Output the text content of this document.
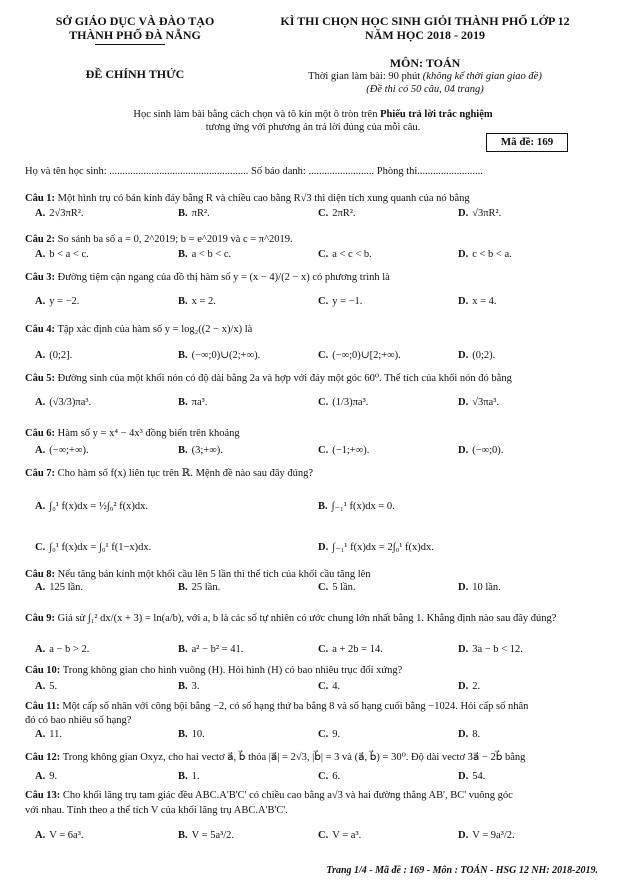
SỞ GIÁO DỤC VÀ ĐÀO TẠO
THÀNH PHỐ ĐÀ NẴNG
ĐỀ CHÍNH THỨC
KÌ THI CHỌN HỌC SINH GIỎI THÀNH PHỐ LỚP 12
NĂM HỌC 2018 - 2019
MÔN: TOÁN
Thời gian làm bài: 90 phút (không kể thời gian giao đề)
(Đề thi có 50 câu, 04 trang)
Học sinh làm bài bằng cách chọn và tô kín một ô tròn trên Phiếu trả lời trắc nghiệm
tương ứng với phương án trả lời đúng của mỗi câu.
Mã đề: 169
Họ và tên học sinh: ..................................................... Số báo danh: ......................... Phòng thi.........................
Câu 1: Một hình trụ có bán kính đáy bằng R và chiều cao bằng R√3 thì diện tích xung quanh của nó bằng
A. 2√3πR².	B. πR².	C. 2πR².	D. √3πR².
Câu 2: So sánh ba số a = 0, 2^2019; b = e^2019 và c = π^2019.
A. b < a < c.	B. a < b < c.	C. a < c < b.	D. c < b < a.
Câu 3: Đường tiệm cận ngang của đồ thị hàm số y = (x − 4)/(2 − x) có phương trình là
A. y = −2.	B. x = 2.	C. y = −1.	D. x = 4.
Câu 4: Tập xác định của hàm số y = log₂((2 − x)/x) là
A. (0;2].	B. (−∞;0)∪(2;+∞).	C. (−∞;0)∪[2;+∞).	D. (0;2).
Câu 5: Đường sinh của một khối nón có độ dài bằng 2a và hợp với đáy một góc 60⁰. Thể tích của khối nón đó bằng
A. (√3/3)πa³.	B. πa³.	C. (1/3)πa³.	D. √3πa³.
Câu 6: Hàm số y = x⁴ − 4x³ đồng biến trên khoảng
A. (−∞;+∞).	B. (3;+∞).	C. (−1;+∞).	D. (−∞;0).
Câu 7: Cho hàm số f(x) liên tục trên ℝ. Mệnh đề nào sau đây đúng?
A. ∫₀¹ f(x)dx = ½∫₀² f(x)dx.	B. ∫₋₁¹ f(x)dx = 0.
C. ∫₀¹ f(x)dx = ∫₀¹ f(1−x)dx.	D. ∫₋₁¹ f(x)dx = 2∫₀¹ f(x)dx.
Câu 8: Nếu tăng bán kính một khối cầu lên 5 lần thì thể tích của khối cầu tăng lên
A. 125 lần.	B. 25 lần.	C. 5 lần.	D. 10 lần.
Câu 9: Giả sử ∫₁² dx/(x + 3) = ln(a/b), với a, b là các số tự nhiên có ước chung lớn nhất bằng 1. Khẳng định nào sau đây đúng?
A. a − b > 2.	B. a² − b² = 41.	C. a + 2b = 14.	D. 3a − b < 12.
Câu 10: Trong không gian cho hình vuông (H). Hỏi hình (H) có bao nhiêu trục đối xứng?
A. 5.	B. 3.	C. 4.	D. 2.
Câu 11: Một cấp số nhân với công bội bằng −2, có số hạng thứ ba bằng 8 và số hạng cuối bằng −1024. Hỏi cấp số nhân
đó có bao nhiêu số hạng?
A. 11.	B. 10.	C. 9.	D. 8.
Câu 12: Trong không gian Oxyz, cho hai vectơ a⃗, b⃗ thỏa |a⃗| = 2√3, |b⃗| = 3 và (a⃗, b⃗) = 30⁰. Độ dài vectơ 3a⃗ − 2b⃗ bằng
A. 9.	B. 1.	C. 6.	D. 54.
Câu 13: Cho khối lăng trụ tam giác đều ABC.A'B'C' có chiều cao bằng a√3 và hai đường thẳng AB', BC' vuông góc
với nhau. Tính theo a thể tích V của khối lăng trụ ABC.A'B'C'.
A. V = 6a³.	B. V = 5a³/2.	C. V = a³.	D. V = 9a³/2.
Trang 1/4 - Mã đề : 169 - Môn : TOÁN - HSG 12 NH: 2018-2019.
